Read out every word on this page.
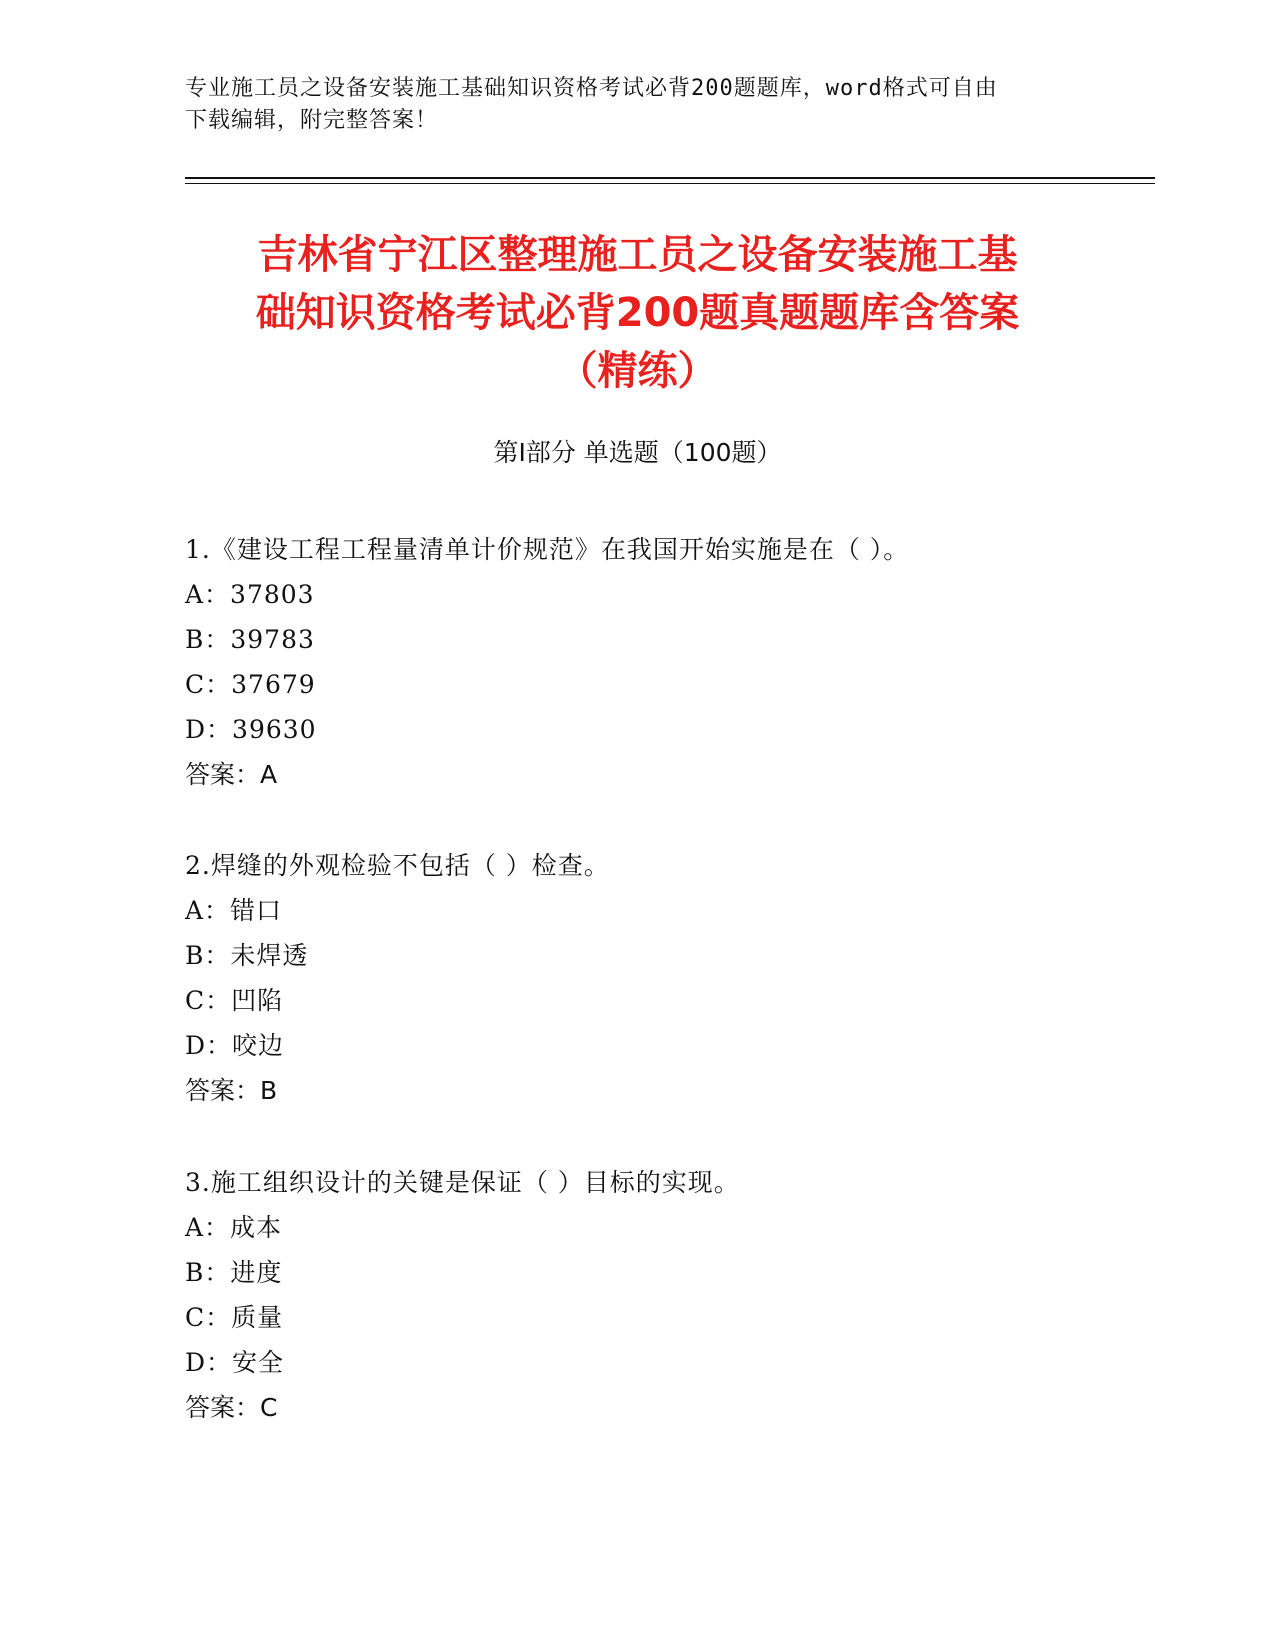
专业施工员之设备安装施工基础知识资格考试必背200题题库，word格式可自由
下载编辑，附完整答案！
吉林省宁江区整理施工员之设备安装施工基
础知识资格考试必背200题真题题库含答案
（精练）
第Ⅰ部分 单选题（100题）
1.《建设工程工程量清单计价规范》在我国开始实施是在（ ）。
A：37803
B：39783
C：37679
D：39630
答案：A
2.焊缝的外观检验不包括（ ）检查。
A：错口
B：未焊透
C：凹陷
D：咬边
答案：B
3.施工组织设计的关键是保证（ ）目标的实现。
A：成本
B：进度
C：质量
D：安全
答案：C
